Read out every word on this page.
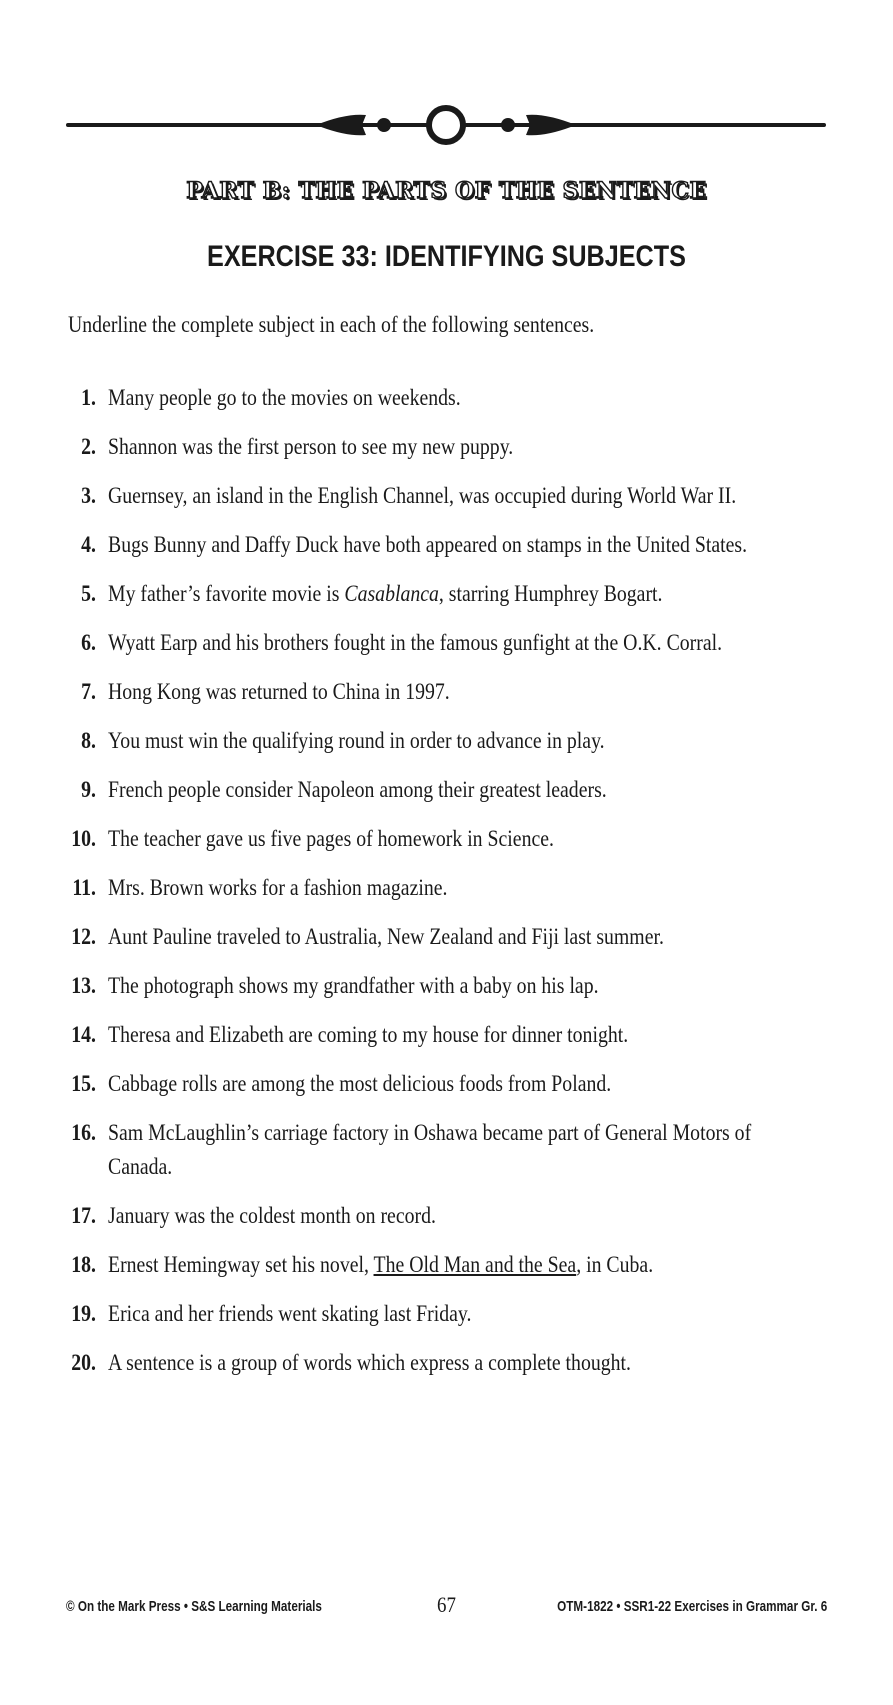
PART B: THE PARTS OF THE SENTENCE
EXERCISE 33: IDENTIFYING SUBJECTS
Underline the complete subject in each of the following sentences.
1. Many people go to the movies on weekends.
2. Shannon was the first person to see my new puppy.
3. Guernsey, an island in the English Channel, was occupied during World War II.
4. Bugs Bunny and Daffy Duck have both appeared on stamps in the United States.
5. My father’s favorite movie is Casablanca, starring Humphrey Bogart.
6. Wyatt Earp and his brothers fought in the famous gunfight at the O.K. Corral.
7. Hong Kong was returned to China in 1997.
8. You must win the qualifying round in order to advance in play.
9. French people consider Napoleon among their greatest leaders.
10. The teacher gave us five pages of homework in Science.
11. Mrs. Brown works for a fashion magazine.
12. Aunt Pauline traveled to Australia, New Zealand and Fiji last summer.
13. The photograph shows my grandfather with a baby on his lap.
14. Theresa and Elizabeth are coming to my house for dinner tonight.
15. Cabbage rolls are among the most delicious foods from Poland.
16. Sam McLaughlin’s carriage factory in Oshawa became part of General Motors of
Canada.
17. January was the coldest month on record.
18. Ernest Hemingway set his novel, The Old Man and the Sea, in Cuba.
19. Erica and her friends went skating last Friday.
20. A sentence is a group of words which express a complete thought.
© On the Mark Press • S&S Learning Materials	67	OTM-1822 • SSR1-22 Exercises in Grammar Gr. 6
